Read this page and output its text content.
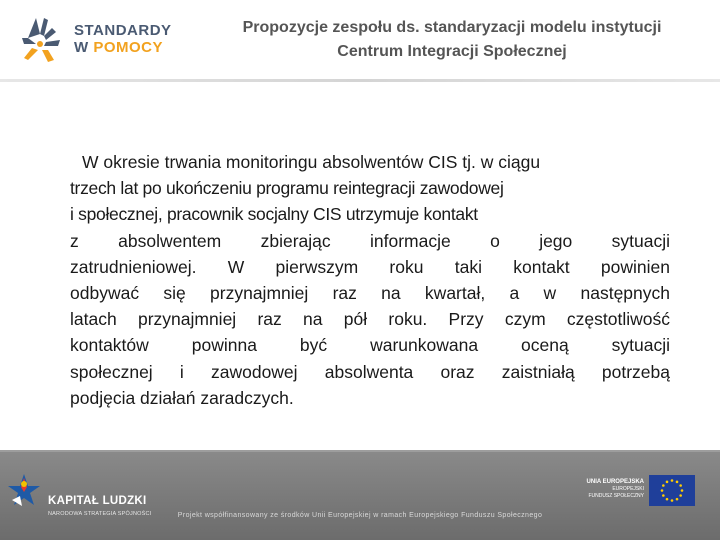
STANDARDY
W POMOCY
Propozycje zespołu ds. standaryzacji modelu instytucji
Centrum Integracji Społecznej

W okresie trwania monitoringu absolwentów CIS tj. w ciągu

trzech lat po ukończeniu programu reintegracji zawodowej

i społecznej, pracownik socjalny CIS utrzymuje kontakt

z absolwentem zbierając informacje o jego sytuacji

zatrudnieniowej. W pierwszym roku taki kontakt powinien

odbywać się przynajmniej raz na kwartał, a w następnych

latach przynajmniej raz na pół roku. Przy czym częstotliwość

kontaktów powinna być warunkowana oceną sytuacji

społecznej i zawodowej absolwenta oraz zaistniałą potrzebą

podjęcia działań zaradczych.

KAPITAŁ LUDZKI
NARODOWA STRATEGIA SPÓJNOŚCI
UNIA EUROPEJSKA
EUROPEJSKI
FUNDUSZ SPOŁECZNY
Projekt współfinansowany ze środków Unii Europejskiej w ramach Europejskiego Funduszu Społecznego
